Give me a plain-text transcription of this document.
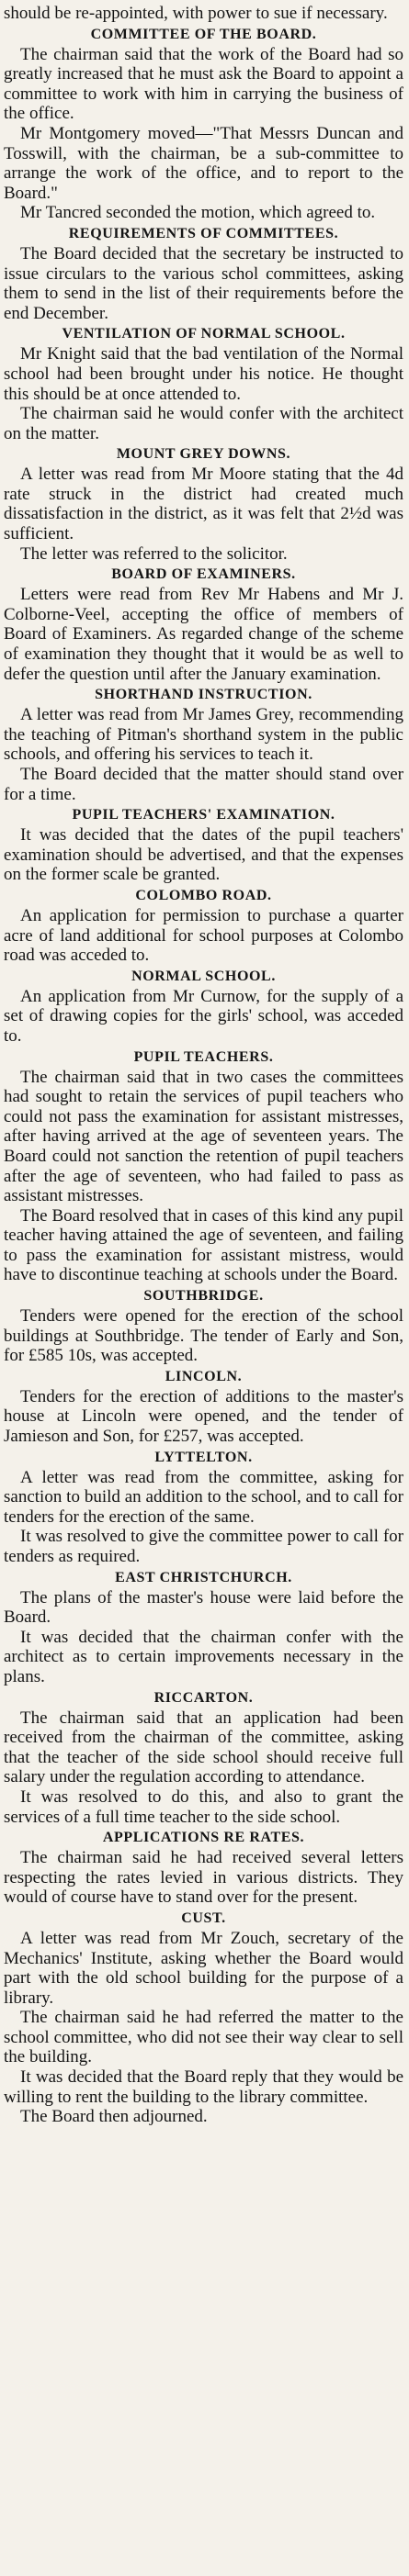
should be re-appointed, with power to sue if necessary.

COMMITTEE OF THE BOARD.

The chairman said that the work of the Board had so greatly increased that he must ask the Board to appoint a committee to work with him in carrying the business of the office.

Mr Montgomery moved—"That Messrs Duncan and Tosswill, with the chairman, be a sub-committee to arrange the work of the office, and to report to the Board."

Mr Tancred seconded the motion, which agreed to.

REQUIREMENTS OF COMMITTEES.

The Board decided that the secretary be instructed to issue circulars to the various schol committees, asking them to send in the list of their requirements before the end December.

VENTILATION OF NORMAL SCHOOL.

Mr Knight said that the bad ventilation of the Normal school had been brought under his notice. He thought this should be at once attended to.

The chairman said he would confer with the architect on the matter.

MOUNT GREY DOWNS.

A letter was read from Mr Moore stating that the 4d rate struck in the district had created much dissatisfaction in the district, as it was felt that 2½d was sufficient.

The letter was referred to the solicitor.

BOARD OF EXAMINERS.

Letters were read from Rev Mr Habens and Mr J. Colborne-Veel, accepting the office of members of Board of Examiners. As regarded change of the scheme of examination they thought that it would be as well to defer the question until after the January examination.

SHORTHAND INSTRUCTION.

A letter was read from Mr James Grey, recommending the teaching of Pitman's shorthand system in the public schools, and offering his services to teach it.

The Board decided that the matter should stand over for a time.

PUPIL TEACHERS' EXAMINATION.

It was decided that the dates of the pupil teachers' examination should be advertised, and that the expenses on the former scale be granted.

COLOMBO ROAD.

An application for permission to purchase a quarter acre of land additional for school purposes at Colombo road was acceded to.

NORMAL SCHOOL.

An application from Mr Curnow, for the supply of a set of drawing copies for the girls' school, was acceded to.

PUPIL TEACHERS.

The chairman said that in two cases the committees had sought to retain the services of pupil teachers who could not pass the examination for assistant mistresses, after having arrived at the age of seventeen years. The Board could not sanction the retention of pupil teachers after the age of seventeen, who had failed to pass as assistant mistresses.

The Board resolved that in cases of this kind any pupil teacher having attained the age of seventeen, and failing to pass the examination for assistant mistress, would have to discontinue teaching at schools under the Board.

SOUTHBRIDGE.

Tenders were opened for the erection of the school buildings at Southbridge. The tender of Early and Son, for £585 10s, was accepted.

LINCOLN.

Tenders for the erection of additions to the master's house at Lincoln were opened, and the tender of Jamieson and Son, for £257, was accepted.

LYTTELTON.

A letter was read from the committee, asking for sanction to build an addition to the school, and to call for tenders for the erection of the same.

It was resolved to give the committee power to call for tenders as required.

EAST CHRISTCHURCH.

The plans of the master's house were laid before the Board.

It was decided that the chairman confer with the architect as to certain improvements necessary in the plans.

RICCARTON.

The chairman said that an application had been received from the chairman of the committee, asking that the teacher of the side school should receive full salary under the regulation according to attendance.

It was resolved to do this, and also to grant the services of a full time teacher to the side school.

APPLICATIONS RE RATES.

The chairman said he had received several letters respecting the rates levied in various districts. They would of course have to stand over for the present.

CUST.

A letter was read from Mr Zouch, secretary of the Mechanics' Institute, asking whether the Board would part with the old school building for the purpose of a library.

The chairman said he had referred the matter to the school committee, who did not see their way clear to sell the building.

It was decided that the Board reply that they would be willing to rent the building to the library committee.

The Board then adjourned.
